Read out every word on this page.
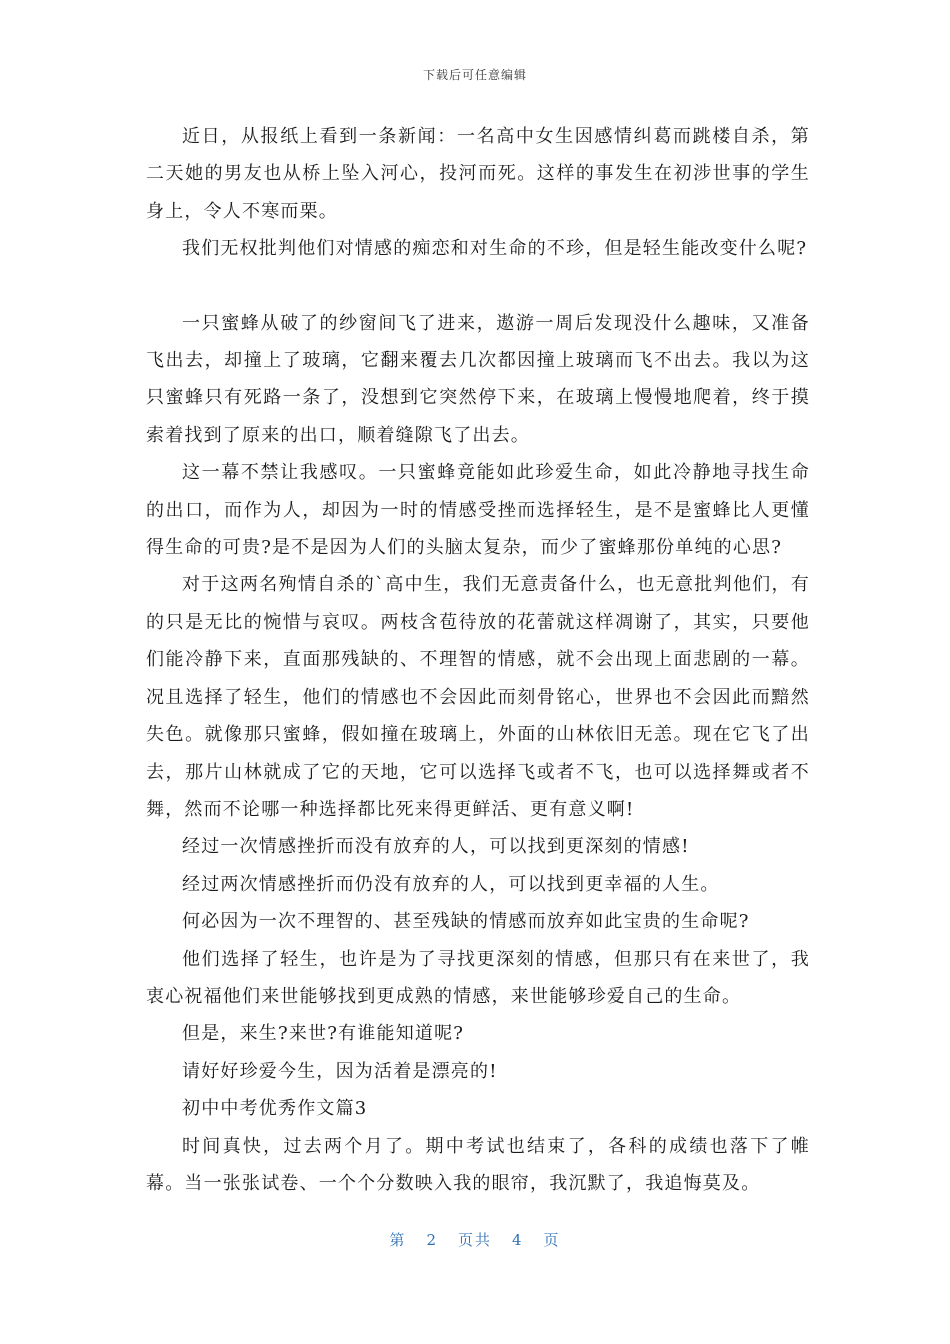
下载后可任意编辑

近日，从报纸上看到一条新闻：一名高中女生因感情纠葛而跳楼自杀，第二天她的男友也从桥上坠入河心，投河而死。这样的事发生在初涉世事的学生身上，令人不寒而栗。

我们无权批判他们对情感的痴恋和对生命的不珍，但是轻生能改变什么呢?

一只蜜蜂从破了的纱窗间飞了进来，遨游一周后发现没什么趣味，又准备飞出去，却撞上了玻璃，它翻来覆去几次都因撞上玻璃而飞不出去。我以为这只蜜蜂只有死路一条了，没想到它突然停下来，在玻璃上慢慢地爬着，终于摸索着找到了原来的出口，顺着缝隙飞了出去。

这一幕不禁让我感叹。一只蜜蜂竟能如此珍爱生命，如此冷静地寻找生命的出口，而作为人，却因为一时的情感受挫而选择轻生，是不是蜜蜂比人更懂得生命的可贵?是不是因为人们的头脑太复杂，而少了蜜蜂那份单纯的心思?

对于这两名殉情自杀的`高中生，我们无意责备什么，也无意批判他们，有的只是无比的惋惜与哀叹。两枝含苞待放的花蕾就这样凋谢了，其实，只要他们能冷静下来，直面那残缺的、不理智的情感，就不会出现上面悲剧的一幕。况且选择了轻生，他们的情感也不会因此而刻骨铭心，世界也不会因此而黯然失色。就像那只蜜蜂，假如撞在玻璃上，外面的山林依旧无恙。现在它飞了出去，那片山林就成了它的天地，它可以选择飞或者不飞，也可以选择舞或者不舞，然而不论哪一种选择都比死来得更鲜活、更有意义啊!

经过一次情感挫折而没有放弃的人，可以找到更深刻的情感!

经过两次情感挫折而仍没有放弃的人，可以找到更幸福的人生。

何必因为一次不理智的、甚至残缺的情感而放弃如此宝贵的生命呢?

他们选择了轻生，也许是为了寻找更深刻的情感，但那只有在来世了，我衷心祝福他们来世能够找到更成熟的情感，来世能够珍爱自己的生命。

但是，来生?来世?有谁能知道呢?

请好好珍爱今生，因为活着是漂亮的!

初中中考优秀作文篇3

时间真快，过去两个月了。期中考试也结束了，各科的成绩也落下了帷幕。当一张张试卷、一个个分数映入我的眼帘，我沉默了，我追悔莫及。

第 2 页共 4 页
